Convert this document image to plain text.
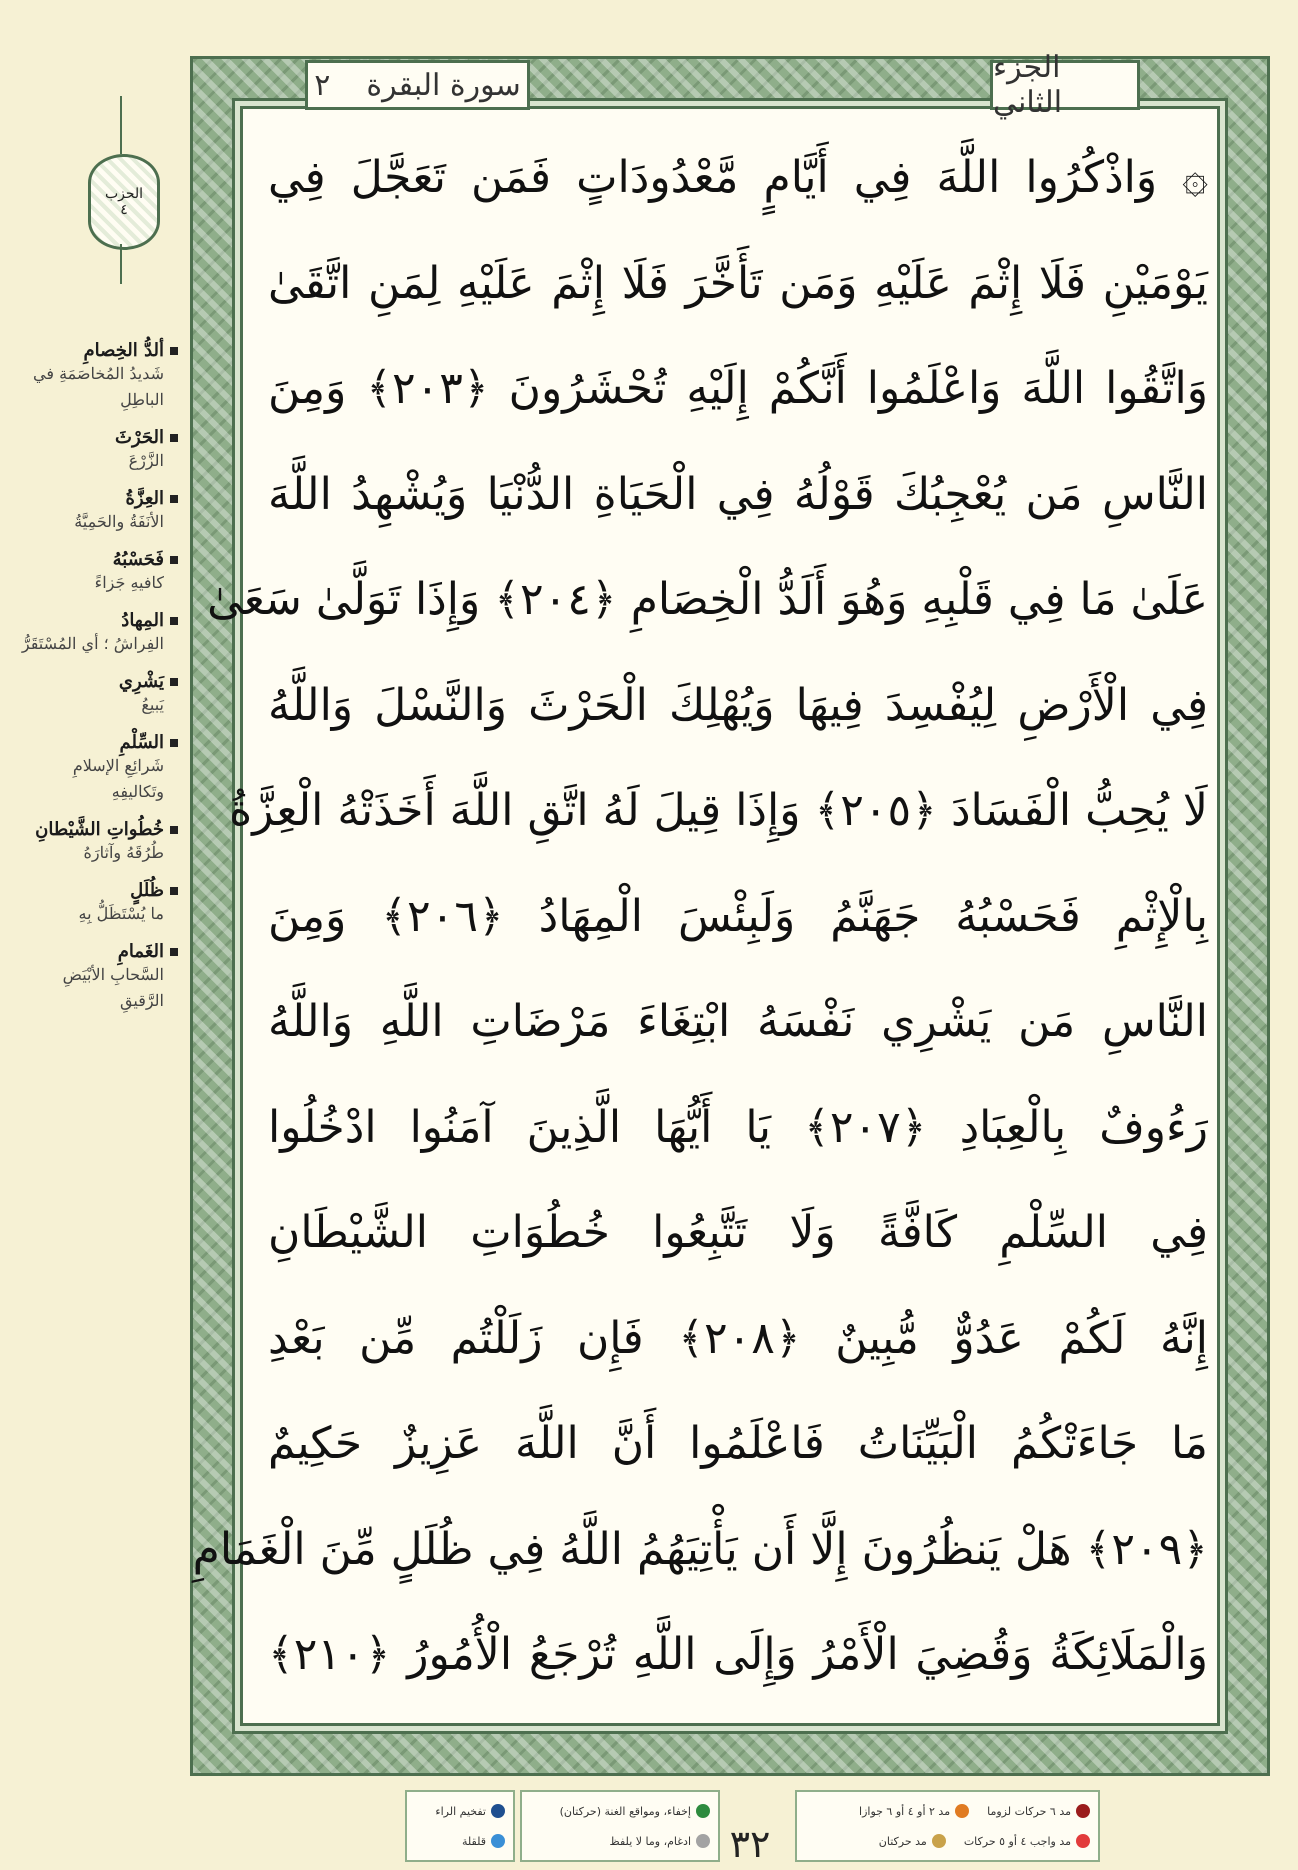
٢ سورة البقرة	الجزء الثاني
۞ وَاذْكُرُوا اللَّهَ فِي أَيَّامٍ مَّعْدُودَاتٍ فَمَن تَعَجَّلَ فِي
يَوْمَيْنِ فَلَا إِثْمَ عَلَيْهِ وَمَن تَأَخَّرَ فَلَا إِثْمَ عَلَيْهِ لِمَنِ اتَّقَىٰ
وَاتَّقُوا اللَّهَ وَاعْلَمُوا أَنَّكُمْ إِلَيْهِ تُحْشَرُونَ ﴿٢٠٣﴾ وَمِنَ
النَّاسِ مَن يُعْجِبُكَ قَوْلُهُ فِي الْحَيَاةِ الدُّنْيَا وَيُشْهِدُ اللَّهَ
عَلَىٰ مَا فِي قَلْبِهِ وَهُوَ أَلَدُّ الْخِصَامِ ﴿٢٠٤﴾ وَإِذَا تَوَلَّىٰ سَعَىٰ
فِي الْأَرْضِ لِيُفْسِدَ فِيهَا وَيُهْلِكَ الْحَرْثَ وَالنَّسْلَ وَاللَّهُ
لَا يُحِبُّ الْفَسَادَ ﴿٢٠٥﴾ وَإِذَا قِيلَ لَهُ اتَّقِ اللَّهَ أَخَذَتْهُ الْعِزَّةُ
بِالْإِثْمِ فَحَسْبُهُ جَهَنَّمُ وَلَبِئْسَ الْمِهَادُ ﴿٢٠٦﴾ وَمِنَ
النَّاسِ مَن يَشْرِي نَفْسَهُ ابْتِغَاءَ مَرْضَاتِ اللَّهِ وَاللَّهُ
رَءُوفٌ بِالْعِبَادِ ﴿٢٠٧﴾ يَا أَيُّهَا الَّذِينَ آمَنُوا ادْخُلُوا
فِي السِّلْمِ كَافَّةً وَلَا تَتَّبِعُوا خُطُوَاتِ الشَّيْطَانِ
إِنَّهُ لَكُمْ عَدُوٌّ مُّبِينٌ ﴿٢٠٨﴾ فَإِن زَلَلْتُم مِّن بَعْدِ
مَا جَاءَتْكُمُ الْبَيِّنَاتُ فَاعْلَمُوا أَنَّ اللَّهَ عَزِيزٌ حَكِيمٌ
﴿٢٠٩﴾ هَلْ يَنظُرُونَ إِلَّا أَن يَأْتِيَهُمُ اللَّهُ فِي ظُلَلٍ مِّنَ الْغَمَامِ
وَالْمَلَائِكَةُ وَقُضِيَ الْأَمْرُ وَإِلَى اللَّهِ تُرْجَعُ الْأُمُورُ ﴿٢١٠﴾
الحزب
٤
ألدُّ الخِصامِ
شَديدُ المُخاصَمَةِ في الباطِلِ
الحَرْثَ
الزَّرْعَ
العِزَّةُ
الأنَفَةُ والحَمِيَّةُ
فَحَسْبُهُ
كافيهِ جَزاءً
المِهادُ
الفِراشُ ؛ أي المُسْتَقَرُّ
يَشْرِي
يَبيعُ
السِّلْمِ
شَرائِعِ الإسلامِ وتَكاليفِهِ
خُطُواتِ الشَّيْطانِ
طُرُقَهُ وآثارَهُ
ظُلَلٍ
ما يُسْتَظَلُّ بِهِ
الغَمامِ
السَّحابِ الأبْيَضِ الرَّقيقِ
مد ٦ حركات لزوما
مد ٢ أو ٤ أو ٦ جوازا
مد واجب ٤ أو ٥ حركات
مد حركتان
إخفاء، ومواقع الغنة (حركتان)
ادغام، وما لا يلفظ
تفخيم الراء
قلقلة	٣٢
